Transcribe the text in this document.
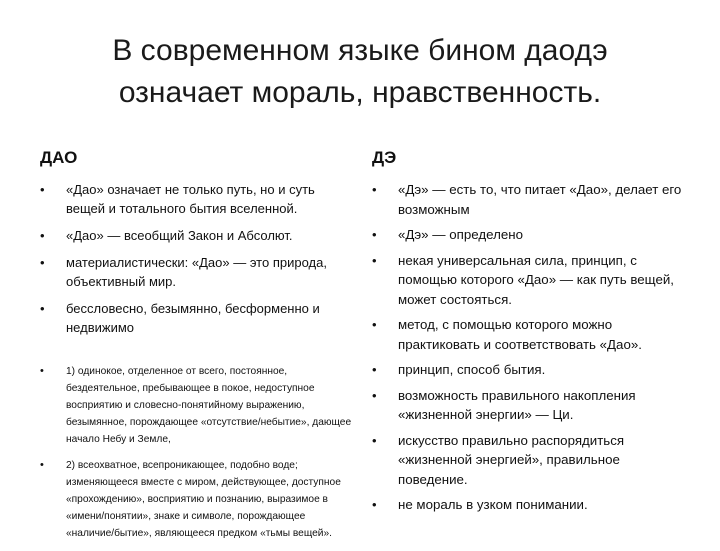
В современном языке бином даодэ
означает мораль, нравственность.
ДАО
• «Дао» означает не только путь, но и суть вещей и тотального бытия вселенной.
• «Дао» — всеобщий Закон и Абсолют.
• материалистически: «Дао» — это природа, объективный мир.
• бессловесно, безымянно, бесформенно и недвижимо
• 1) одинокое, отделенное от всего, постоянное, бездеятельное, пребывающее в покое, недоступное восприятию и словесно-понятийному выражению, безымянное, порождающее «отсутствие/небытие», дающее начало Небу и Земле,
• 2) всеохватное, всепроникающее, подобно воде; изменяющееся вместе с миром, действующее, доступное «прохождению», восприятию и познанию, выразимое в «имени/понятии», знаке и символе, порождающее «наличие/бытие», являющееся предком «тьмы вещей».
ДЭ
• «Дэ» — есть то, что питает «Дао», делает его возможным
• «Дэ» — определено
• некая универсальная сила, принцип, с помощью которого «Дао» — как путь вещей, может состояться.
• метод, с помощью которого можно практиковать и соответствовать «Дао».
• принцип, способ бытия.
• возможность правильного накопления «жизненной энергии» — Ци.
• искусство правильно распорядиться «жизненной энергией», правильное поведение.
• не мораль в узком понимании.
